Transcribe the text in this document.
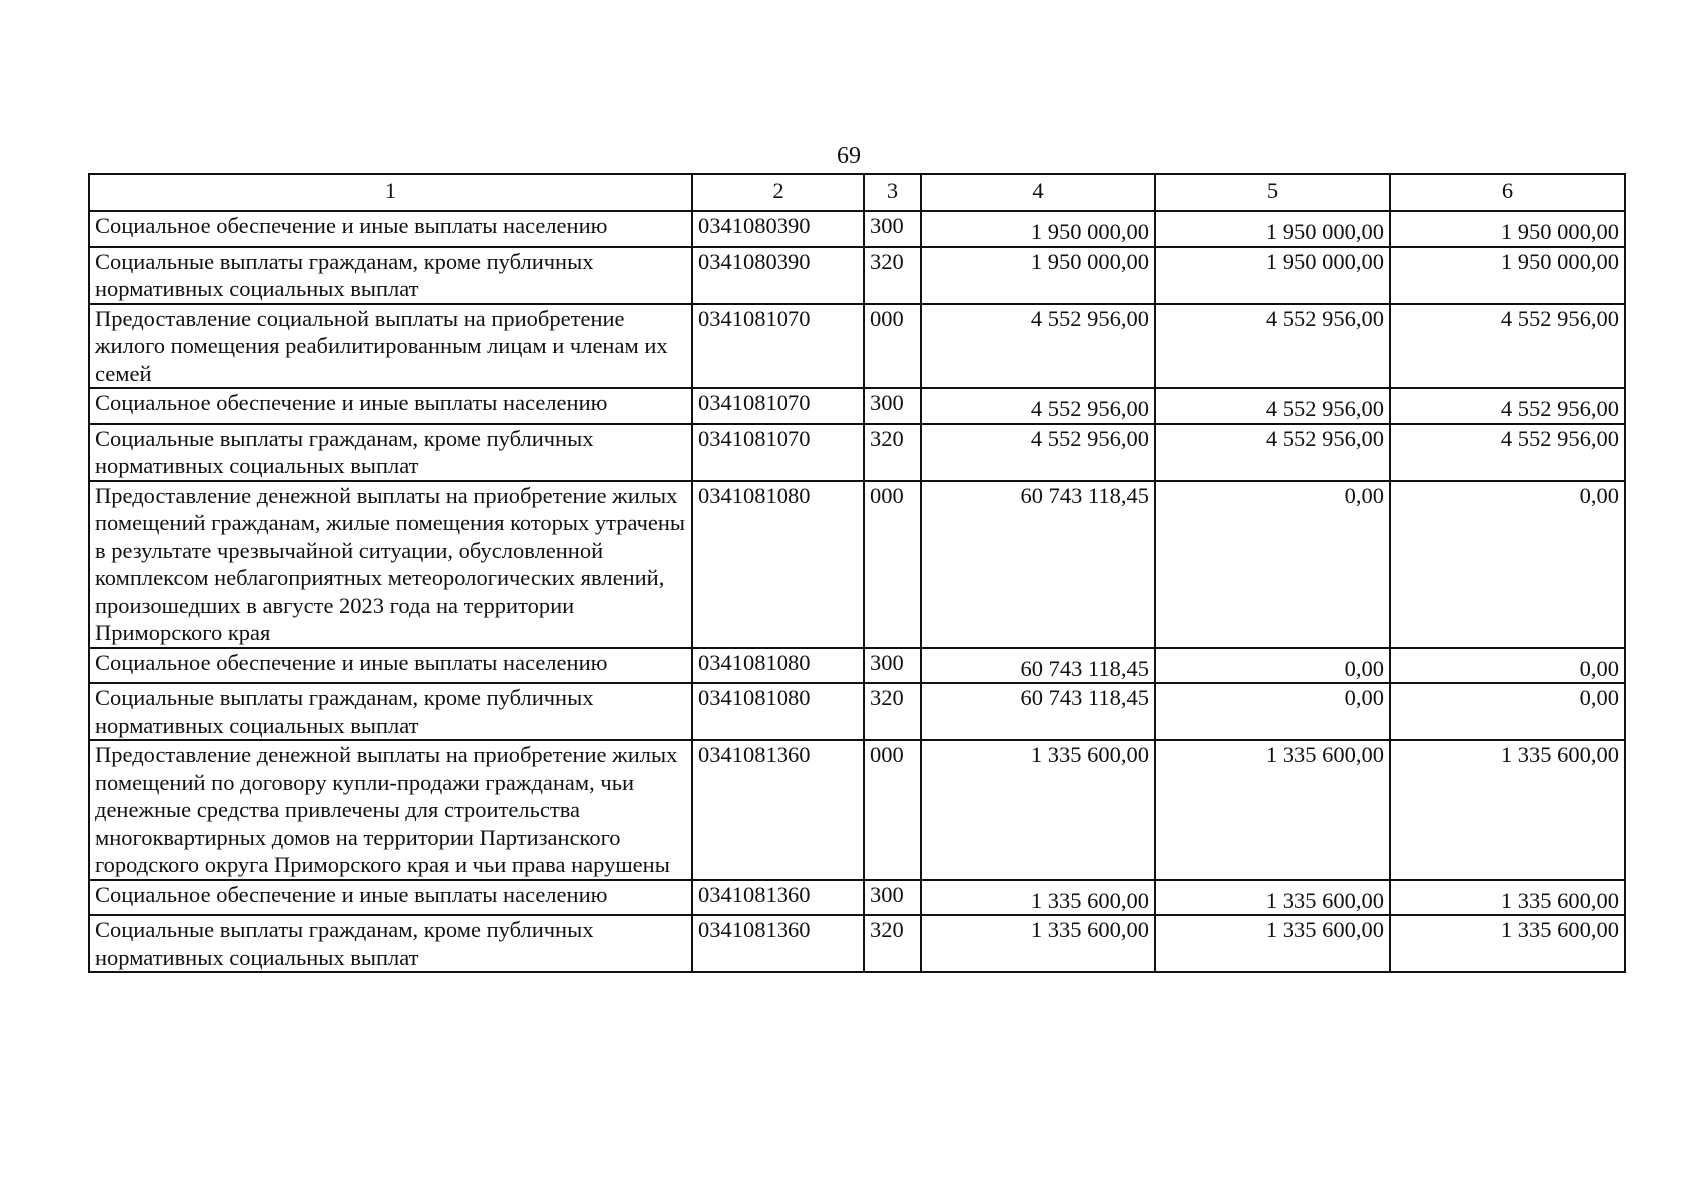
69
1	2	3	4	5	6
Социальное обеспечение и иные выплаты населению	0341080390	300	1 950 000,00	1 950 000,00	1 950 000,00
Социальные выплаты гражданам, кроме публичных нормативных социальных выплат	0341080390	320	1 950 000,00	1 950 000,00	1 950 000,00
Предоставление социальной выплаты на приобретение жилого помещения реабилитированным лицам и членам их семей	0341081070	000	4 552 956,00	4 552 956,00	4 552 956,00
Социальное обеспечение и иные выплаты населению	0341081070	300	4 552 956,00	4 552 956,00	4 552 956,00
Социальные выплаты гражданам, кроме публичных нормативных социальных выплат	0341081070	320	4 552 956,00	4 552 956,00	4 552 956,00
Предоставление денежной выплаты на приобретение жилых помещений гражданам, жилые помещения которых утрачены в результате чрезвычайной ситуации, обусловленной комплексом неблагоприятных метеорологических явлений, произошедших в августе 2023 года на территории Приморского края	0341081080	000	60 743 118,45	0,00	0,00
Социальное обеспечение и иные выплаты населению	0341081080	300	60 743 118,45	0,00	0,00
Социальные выплаты гражданам, кроме публичных нормативных социальных выплат	0341081080	320	60 743 118,45	0,00	0,00
Предоставление денежной выплаты на приобретение жилых помещений по договору купли-продажи гражданам, чьи денежные средства привлечены для строительства многоквартирных домов на территории Партизанского городского округа Приморского края и чьи права нарушены	0341081360	000	1 335 600,00	1 335 600,00	1 335 600,00
Социальное обеспечение и иные выплаты населению	0341081360	300	1 335 600,00	1 335 600,00	1 335 600,00
Социальные выплаты гражданам, кроме публичных нормативных социальных выплат	0341081360	320	1 335 600,00	1 335 600,00	1 335 600,00
